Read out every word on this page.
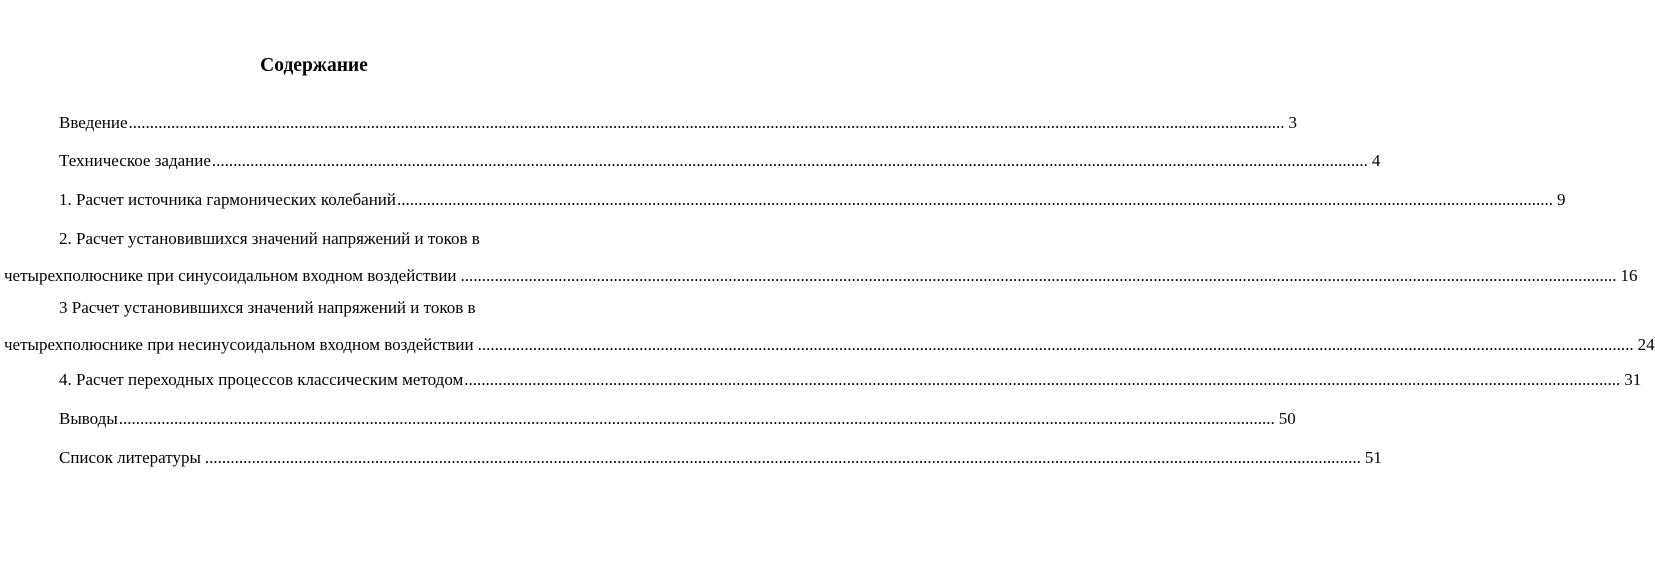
Содержание
Введение ................................................................................................................................................................................................................................................................................ 3
Техническое задание ................................................................................................................................................................................................................................................................................ 4
1. Расчет источника гармонических колебаний ................................................................................................................................................................................................................................................................................ 9
2. Расчет установившихся значений напряжений и токов в
четырехполюснике при синусоидальном входном воздействии ................................................................................................................................................................................................................................................................................ 16
3 Расчет установившихся значений напряжений и токов в
четырехполюснике при несинусоидальном входном воздействии ................................................................................................................................................................................................................................................................................ 24
4. Расчет переходных процессов классическим методом ................................................................................................................................................................................................................................................................................ 31
Выводы ................................................................................................................................................................................................................................................................................ 50
Список литературы ................................................................................................................................................................................................................................................................................ 51
